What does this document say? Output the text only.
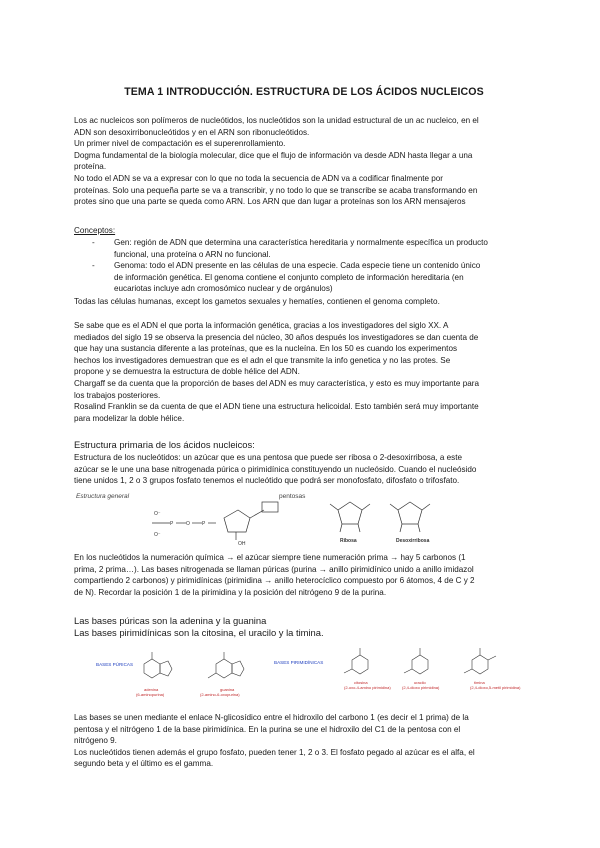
TEMA 1 INTRODUCCIÓN. ESTRUCTURA DE LOS ÁCIDOS NUCLEICOS
Los ac nucleicos son polímeros de nucleótidos, los nucleótidos son la unidad estructural de un ac nucleico, en el
ADN son desoxirribonucleótidos y en el ARN son ribonucleótidos.
Un primer nivel de compactación es el superenrollamiento.
Dogma fundamental de la biología molecular, dice que el flujo de información va desde ADN hasta llegar a una
proteína.
No todo el ADN se va a expresar con lo que no toda la secuencia de ADN va a codificar finalmente por
proteínas. Solo una pequeña parte se va a transcribir, y no todo lo que se transcribe se acaba transformando en
protes sino que una parte se queda como ARN. Los ARN que dan lugar a proteínas son los ARN mensajeros
Conceptos:
- Gen: región de ADN que determina una característica hereditaria y normalmente específica un producto
funcional, una proteína o ARN no funcional.
- Genoma: todo el ADN presente en las células de una especie. Cada especie tiene un contenido único
de información genética. El genoma contiene el conjunto completo de información hereditaria (en
eucariotas incluye adn cromosómico nuclear y de orgánulos)
Todas las células humanas, except los gametos sexuales y hematíes, contienen el genoma completo.
Se sabe que es el ADN el que porta la información genética, gracias a los investigadores del siglo XX. A
mediados del siglo 19 se observa la presencia del núcleo, 30 años después los investigadores se dan cuenta de
que hay una sustancia diferente a las proteínas, que es la nucleína. En los 50 es cuando los experimentos
hechos los investigadores demuestran que es el adn el que transmite la info genetica y no las protes. Se
propone y se demuestra la estructura de doble hélice del ADN.
Chargaff se da cuenta que la proporción de bases del ADN es muy característica, y esto es muy importante para
los trabajos posteriores.
Rosalind Franklin se da cuenta de que el ADN tiene una estructura helicoidal. Esto también será muy importante
para modelizar la doble hélice.
Estructura primaria de los ácidos nucleicos:
Estructura de los nucleótidos: un azúcar que es una pentosa que puede ser ribosa o 2-desoxirribosa, a este
azúcar se le une una base nitrogenada púrica o pirimidínica constituyendo un nucleósido. Cuando el nucleósido
tiene unidos 1, 2 o 3 grupos fosfato tenemos el nucleótido que podrá ser monofosfato, difosfato o trifosfato.
Estructura general
O⁻
O⁻
P	O P
OH
pentosas
Ribosa	Desoxirribosa
En los nucleótidos la numeración química → el azúcar siempre tiene numeración prima → hay 5 carbonos (1
prima, 2 prima…). Las bases nitrogenada se llaman púricas (purina → anillo pirimidínico unido a anillo imidazol
compartiendo 2 carbonos) y pirimidínicas (pirimidina → anillo heterocíclico compuesto por 6 átomos, 4 de C y 2
de N). Recordar la posición 1 de la pirimidina y la posición del nitrógeno 9 de la purina.
Las bases púricas son la adenina y la guanina
Las bases pirimidínicas son la citosina, el uracilo y la timina.
BASES PÚRICAS
adenina
(6-aminopurina)
guanina
(2-amino-6-oxopurina)
BASES PIRIMIDÍNICAS
citosina
(2-oxo-4-amino pirimidina)
uracilo
(2,4-dioxo pirimidina)
timina
(2,4-dioxo,5-metil pirimidina)
Las bases se unen mediante el enlace N-glicosídico entre el hidroxilo del carbono 1 (es decir el 1 prima) de la
pentosa y el nitrógeno 1 de la base pirimidínica. En la purina se une el hidroxilo del C1 de la pentosa con el
nitrógeno 9.
Los nucleótidos tienen además el grupo fosfato, pueden tener 1, 2 o 3. El fosfato pegado al azúcar es el alfa, el
segundo beta y el último es el gamma.
